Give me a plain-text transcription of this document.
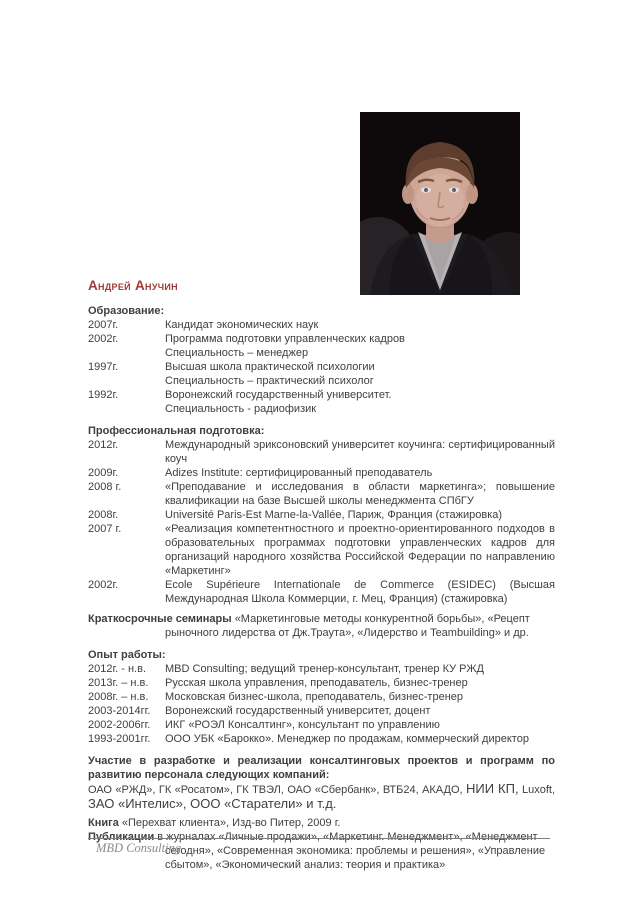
Андрей Анучин
Образование:
2007г.	Кандидат экономических наук
2002г.	Программа подготовки управленческих кадров
Специальность – менеджер
1997г.	Высшая школа практической психологии
Специальность – практический психолог
1992г.	Воронежский государственный университет.
Специальность - радиофизик
Профессиональная подготовка:
2012г.	Международный эриксоновский университет коучинга: сертифицированный коуч
2009г.	Adizes Institute: сертифицированный преподаватель
2008 г.	«Преподавание и исследования в области маркетинга»; повышение квалификации на базе Высшей школы менеджмента СПбГУ
2008г.	Université Paris-Est Marne-la-Vallée, Париж, Франция (стажировка)
2007 г.	«Реализация компетентностного и проектно-ориентированного подходов в образовательных программах подготовки управленческих кадров для организаций народного хозяйства Российской Федерации по направлению «Маркетинг»
2002г.	Ecole Supérieure Internationale de Commerce (ESIDEC) (Высшая Международная Школа Коммерции, г. Мец, Франция) (стажировка)
Краткосрочные семинары «Маркетинговые методы конкурентной борьбы», «Рецепт рыночного лидерства от Дж.Траута», «Лидерство и Teambuilding» и др.
Опыт работы:
2012г. - н.в.	MBD Consulting; ведущий тренер-консультант, тренер КУ РЖД
2013г. – н.в.	Русская школа управления, преподаватель, бизнес-тренер
2008г. – н.в.	Московская бизнес-школа, преподаватель, бизнес-тренер
2003-2014гг.	Воронежский государственный университет, доцент
2002-2006гг.	ИКГ «РОЭЛ Консалтинг», консультант по управлению
1993-2001гг.	ООО УБК «Барокко». Менеджер по продажам, коммерческий директор
Участие в разработке и реализации консалтинговых проектов и программ по развитию персонала следующих компаний:
ОАО «РЖД», ГК «Росатом», ГК ТВЭЛ, ОАО «Сбербанк», ВТБ24, АКАДО, НИИ КП, Luxoft, ЗАО «Интелис», ООО «Старатели» и т.д.
Книга «Перехват клиента», Изд-во Питер, 2009 г.
Публикации в журналах «Личные продажи», «Маркетинг. Менеджмент», «Менеджмент сегодня», «Современная экономика: проблемы и решения», «Управление сбытом», «Экономический анализ: теория и практика»
MBD Consulting
